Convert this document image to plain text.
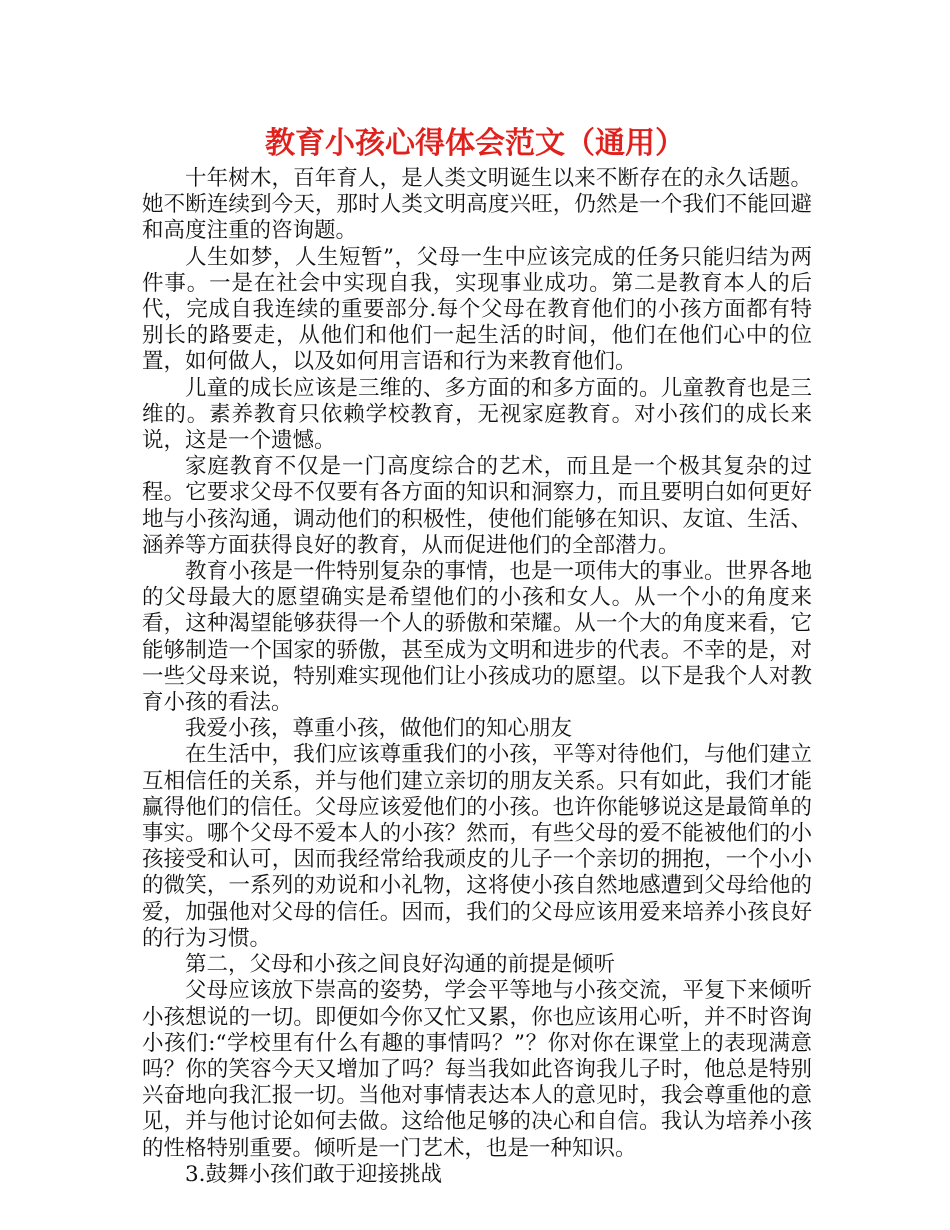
教育小孩心得体会范文（通用）

十年树木，百年育人，是人类文明诞生以来不断存在的永久话题。她不断连续到今天，那时人类文明高度兴旺，仍然是一个我们不能回避和高度注重的咨询题。

人生如梦，人生短暂”，父母一生中应该完成的任务只能归结为两件事。一是在社会中实现自我，实现事业成功。第二是教育本人的后代，完成自我连续的重要部分.每个父母在教育他们的小孩方面都有特别长的路要走，从他们和他们一起生活的时间，他们在他们心中的位置，如何做人，以及如何用言语和行为来教育他们。

儿童的成长应该是三维的、多方面的和多方面的。儿童教育也是三维的。素养教育只依赖学校教育，无视家庭教育。对小孩们的成长来说，这是一个遗憾。

家庭教育不仅是一门高度综合的艺术，而且是一个极其复杂的过程。它要求父母不仅要有各方面的知识和洞察力，而且要明白如何更好地与小孩沟通，调动他们的积极性，使他们能够在知识、友谊、生活、涵养等方面获得良好的教育，从而促进他们的全部潜力。

教育小孩是一件特别复杂的事情，也是一项伟大的事业。世界各地的父母最大的愿望确实是希望他们的小孩和女人。从一个小的角度来看，这种渴望能够获得一个人的骄傲和荣耀。从一个大的角度来看，它能够制造一个国家的骄傲，甚至成为文明和进步的代表。不幸的是，对一些父母来说，特别难实现他们让小孩成功的愿望。以下是我个人对教育小孩的看法。

我爱小孩，尊重小孩，做他们的知心朋友

在生活中，我们应该尊重我们的小孩，平等对待他们，与他们建立互相信任的关系，并与他们建立亲切的朋友关系。只有如此，我们才能赢得他们的信任。父母应该爱他们的小孩。也许你能够说这是最简单的事实。哪个父母不爱本人的小孩？然而，有些父母的爱不能被他们的小孩接受和认可，因而我经常给我顽皮的儿子一个亲切的拥抱，一个小小的微笑，一系列的劝说和小礼物，这将使小孩自然地感遭到父母给他的爱，加强他对父母的信任。因而，我们的父母应该用爱来培养小孩良好的行为习惯。

第二，父母和小孩之间良好沟通的前提是倾听

父母应该放下崇高的姿势，学会平等地与小孩交流，平复下来倾听小孩想说的一切。即便如今你又忙又累，你也应该用心听，并不时咨询小孩们:“学校里有什么有趣的事情吗？”？你对你在课堂上的表现满意吗？你的笑容今天又增加了吗？每当我如此咨询我儿子时，他总是特别兴奋地向我汇报一切。当他对事情表达本人的意见时，我会尊重他的意见，并与他讨论如何去做。这给他足够的决心和自信。我认为培养小孩的性格特别重要。倾听是一门艺术，也是一种知识。

3.鼓舞小孩们敢于迎接挑战
